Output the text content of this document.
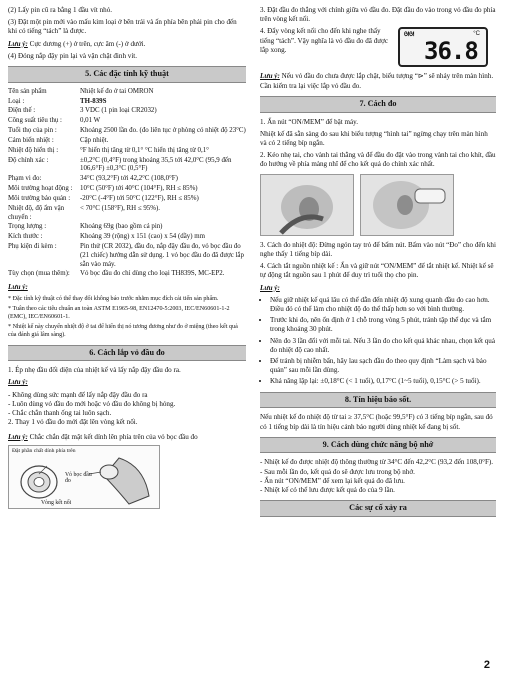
(2) Lấy pin cũ ra bằng 1 đầu vít nhỏ.

(3) Đặt một pin mới vào mấu kim loại ở bên trái và ấn phía bên phải pin cho đến khi có tiếng “tách” là được.

Lưu ý: Cực dương (+) ở trên, cực âm (-) ở dưới.

(4) Đóng nắp đậy pin lại và vặn chặt đinh vít.

5. Các đặc tính kỹ thuật
Tên sản phẩm	Nhiệt kế đo ở tai OMRON
Loại :	TH-839S
Điện thế :	3 VDC (1 pin loại CR2032)
Công suất tiêu thụ :	0,01 W
Tuổi thọ của pin :	Khoảng 2500 lần đo. (đo liên tục ở phòng có nhiệt độ 23°C)
Cảm biến nhiệt :	Cặp nhiệt.
Nhiệt độ hiển thị :	°F hiển thị tăng từ 0,1° °C hiển thị tăng từ 0,1°
Độ chính xác :	±0,2°C (0,4°F) trong khoảng 35,5 tới 42,0°C (95,9 đến 106,6°F) ±0,3°C (0,5°F)
Phạm vi đo:	34°C (93,2°F) tới 42,2°C (108,0°F)
Môi trường hoạt động :	10°C (50°F) tới 40°C (104°F), RH ≤ 85%)
Môi trường bảo quản :	-20°C (-4°F) tới 50°C (122°F), RH ≤ 85%)
Nhiệt độ, độ ẩm vận chuyển :	< 70°C (158°F), RH ≤ 95%).
Trọng lượng :	Khoảng 69g (bao gồm cả pin)
Kích thước :	Khoảng 39 (rộng) x 151 (cao) x 54 (dầy) mm
Phụ kiện đi kèm :	Pin thử (CR 2032), đầu đo, nắp đậy đầu đo, vỏ bọc đầu đo (21 chiếc) hướng dẫn sử dụng. 1 vỏ bọc đầu đo đã được lắp sẵn vào máy.
Tùy chọn (mua thêm):	Vỏ bọc đầu đo chỉ dùng cho loại TH839S, MC-EP2.

Lưu ý:

* Đặc tính kỹ thuật có thể thay đổi không báo trước nhằm mục đích cải tiến sản phẩm.

* Tuân theo các tiêu chuẩn an toàn ASTM E1965-98, EN12470-5:2003, IEC/EN60601-1-2 (EMC), IEC/EN60601-1.

* Nhiệt kế này chuyển nhiệt độ ở tai để hiển thị nó tương đương như đo ở miệng (theo kết quả của đánh giá lâm sàng).

6. Cách lắp vỏ đầu đo

1. Ép nhẹ đầu đối diện của nhiệt kế và lấy nắp đậy đầu đo ra.

Lưu ý:

- Không dùng sức mạnh để lấy nắp đậy đầu đo ra

- Luôn dùng vỏ đầu đo mới hoặc vỏ đầu đo không bị hỏng.

- Chắc chắn thanh ống tai luôn sạch.

2. Thay 1 vỏ đầu đo mới đặt lên vòng kết nối.

Lưu ý: Chắc chắn đặt mặt kết dính lên phía trên của vỏ bọc đầu đo

Đặt phần chất dính phía trên
Vỏ bọc đầu đo
Vòng kết nối

3. Đặt đầu đo thẳng với chính giữa vỏ đầu đo. Đặt đầu đo vào trong vỏ đầu đo phía trên vòng kết nối.

4. Đẩy vòng kết nối cho đến khi nghe thấy tiếng “tách”. Vậy nghĩa là vỏ đầu đo đã được lắp xong.

ᘛᘛ	°C
36.8

Lưu ý: Nếu vỏ đầu đo chưa được lắp chặt, biểu tượng “⊳” sẽ nháy trên màn hình. Cần kiểm tra lại việc lắp vỏ đầu đo.

7. Cách đo

1. Ấn nút “ON/MEM” để bật máy.

Nhiệt kế đã sẵn sàng đo sau khi biểu tượng “hình tai” ngừng chạy trên màn hình và có 2 tiếng bíp ngắn.

2. Kéo nhẹ tai, cho vành tai thẳng và để đầu đo đặt vào trong vành tai cho khít, đầu đo hướng về phía màng nhĩ để cho kết quả đo chính xác nhất.

3. Cách đo nhiệt độ: Đừng ngón tay trỏ để bấm nút. Bấm vào nút “Đo” cho đến khi nghe thấy 1 tiếng bíp dài.

4. Cách tắt nguồn nhiệt kế : Ấn và giữ nút “ON/MEM” để tắt nhiệt kế. Nhiệt kế sẽ tự động tắt nguồn sau 1 phút để duy trì tuổi thọ cho pin.

Lưu ý:

• Nếu giữ nhiệt kế quá lâu có thể dẫn đến nhiệt độ xung quanh đầu đo cao hơn. Điều đó có thể làm cho nhiệt độ đo thể thấp hơn so với bình thường.
• Trước khi đo, nên ổn định ở 1 chỗ trong vòng 5 phút, tránh tập thể dục và tắm trong khoảng 30 phút.
• Nên đo 3 lần đổi với mỗi tai. Nếu 3 lần đo cho kết quả khác nhau, chọn kết quả đo nhiệt độ cao nhất.
• Để tránh bị nhiễm bẩn, hãy lau sạch đầu đo theo quy định “Làm sạch và bảo quản” sau mỗi lần dùng.
• Khả năng lặp lại: ±0,18°C (< 1 tuổi), 0,17°C (1~5 tuổi), 0,15°C (> 5 tuổi).
8. Tín hiệu báo sốt.

Nếu nhiệt kế đo nhiệt độ từ tai ≥ 37,5°C (hoặc 99,5°F) có 3 tiếng bíp ngắn, sau đó có 1 tiếng bíp dài là tín hiệu cảnh báo người dùng nhiệt kế đang bị sốt.

9. Cách dùng chức năng bộ nhớ

- Nhiệt kế đo được nhiệt độ thông thường từ 34°C đến 42,2°C (93,2 đến 108,0°F).

- Sau mỗi lần đo, kết quả đo sẽ được lưu trong bộ nhớ.

- Ấn nút “ON/MEM” để xem lại kết quả đo đã lưu.

- Nhiệt kế có thể lưu được kết quả đo của 9 lần.

Các sự cố xảy ra
2
